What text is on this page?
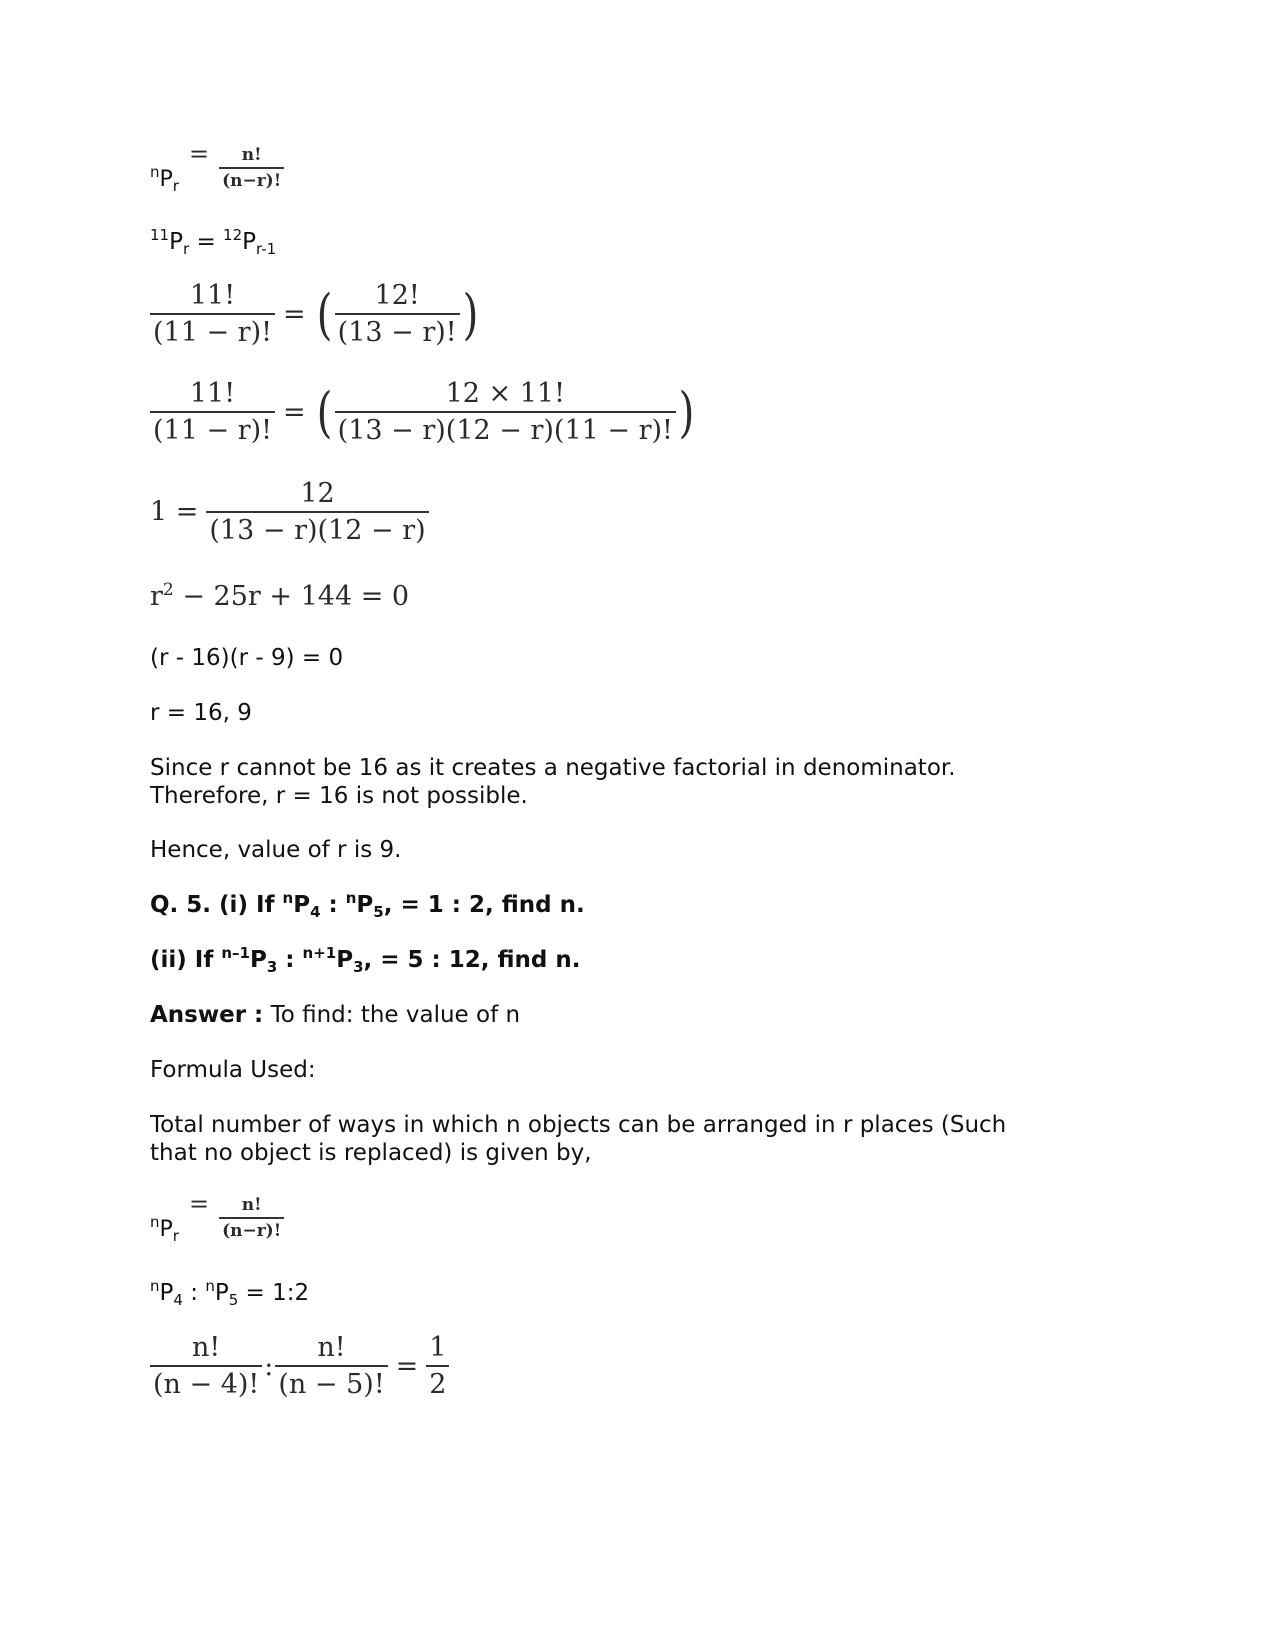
$^nP_r= \frac{n!}{(n-r)!}$
$^{11}P_r = ^{12}P_{r-1}$
$\frac{11!}{(11 - r)!}$ = ( $\frac{12!}{(13 - r)!}$ )
$\frac{11!}{(11 - r)!}$ = ( $\frac{12 \times 11!}{(13 - r)(12 - r)(11 - r)!}$ )
$1 = \frac{12}{(13 - r)(12 - r)}$
$r^2 - 25r + 144 = 0$
(r - 16)(r - 9) = 0
r = 16, 9
Since r cannot be 16 as it creates a negative factorial in denominator. Therefore, r = 16 is not possible.
Hence, value of r is 9.
Q. 5. (i) If $^nP_4$ : $^nP_5$, = 1 : 2, find n.
(ii) If $^{n-1}P_3$ : $^{n+1}P_3$, = 5 : 12, find n.
Answer : To find: the value of n
Formula Used:
Total number of ways in which n objects can be arranged in r places (Such that no object is replaced) is given by,
$^nP_r= \frac{n!}{(n-r)!}$
$^nP_4$ : $^nP_5$ = 1:2
$\frac{n!}{(n - 4)!}$ : $\frac{n!}{(n - 5)!} = \frac{1}{2}$
